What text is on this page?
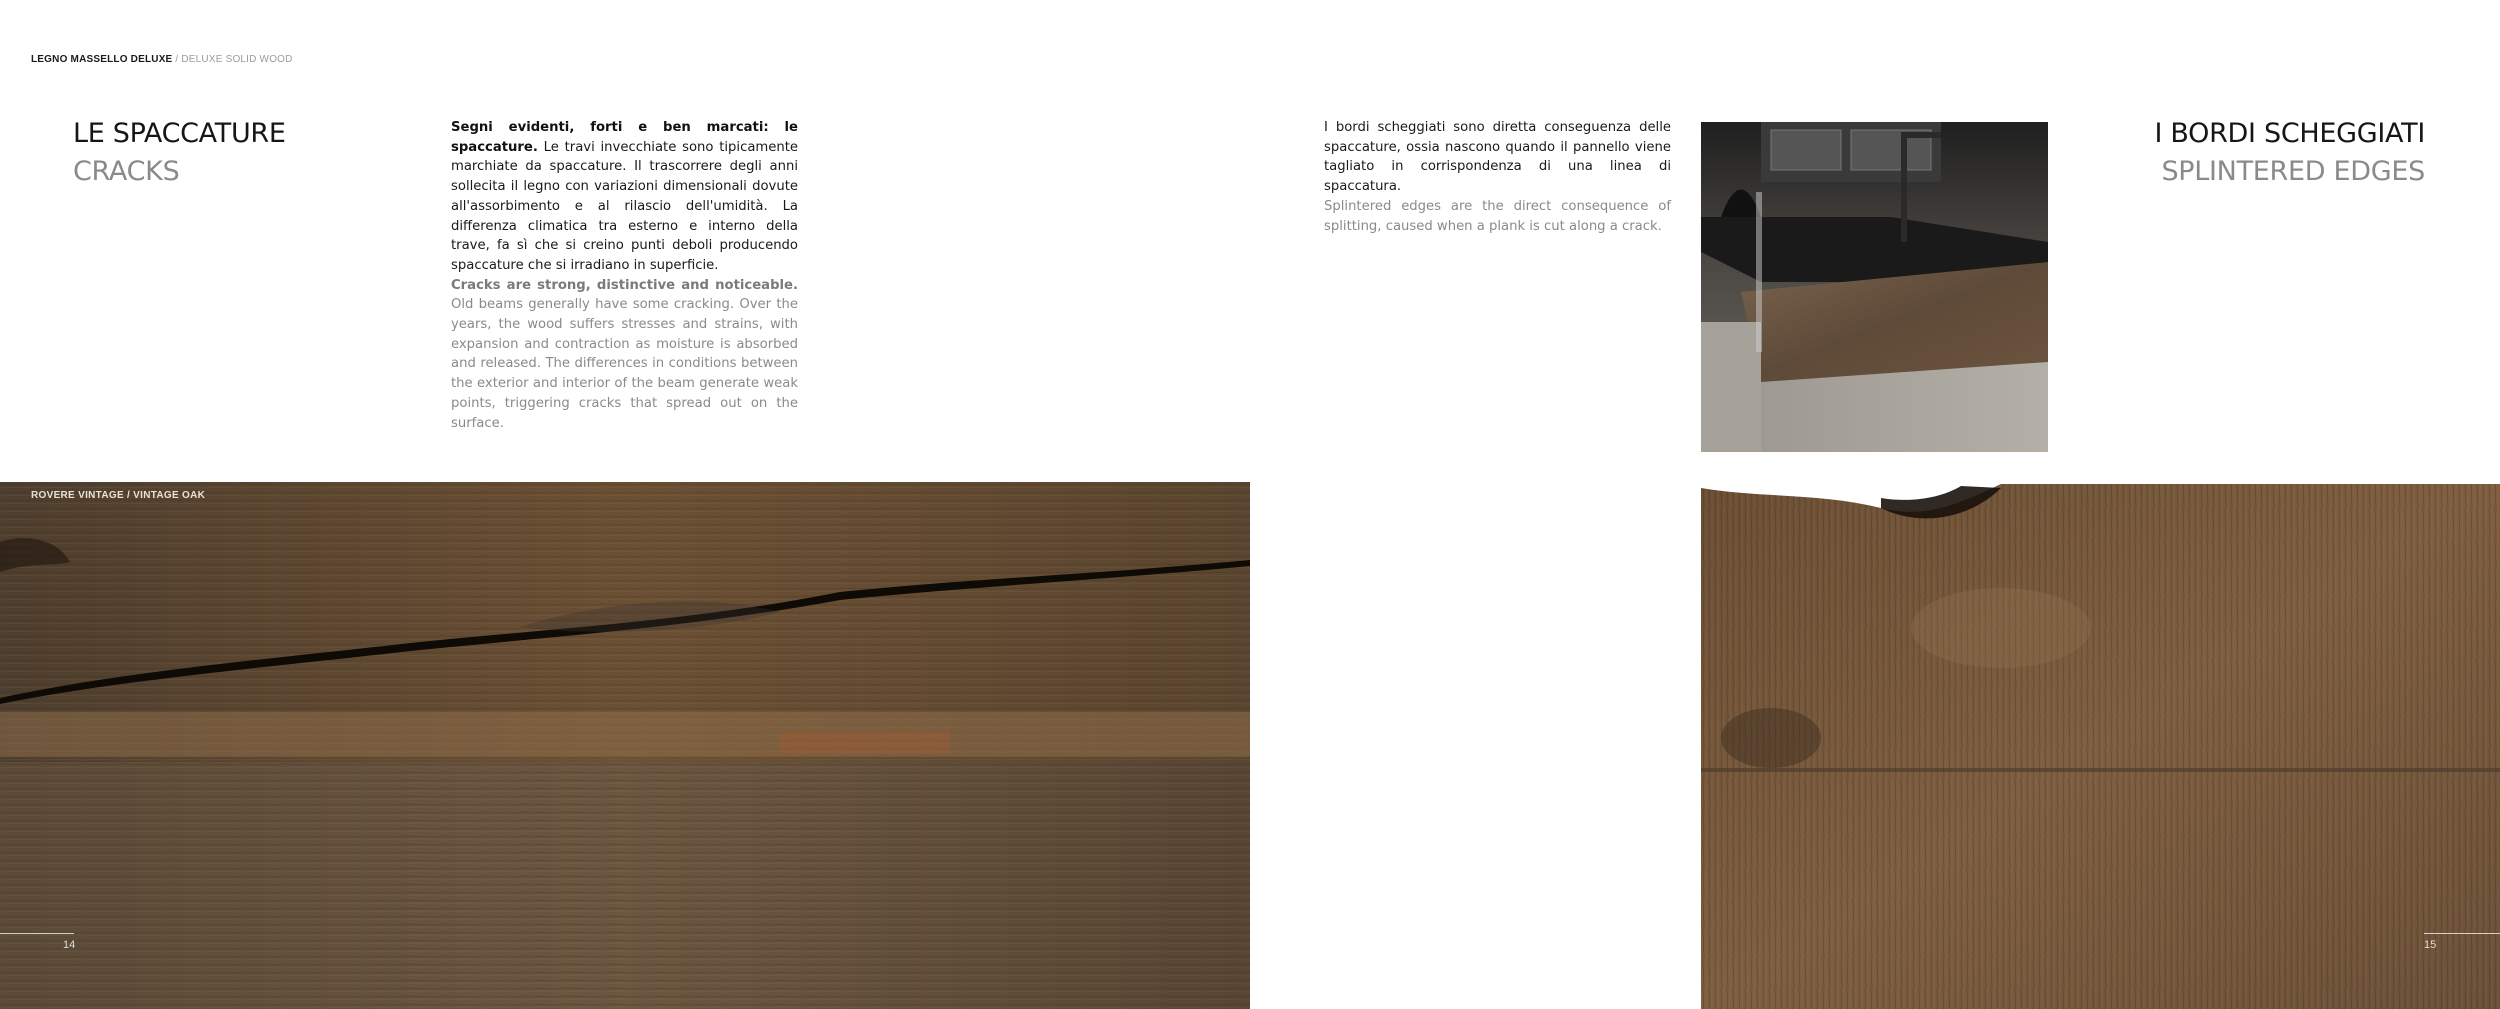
LEGNO MASSELLO DELUXE / DELUXE SOLID WOOD
LE SPACCATURE
CRACKS
Segni evidenti, forti e ben marcati: le spaccature. Le travi invecchiate sono tipicamente marchiate da spaccature. Il trascorrere degli anni sollecita il legno con variazioni dimensionali dovute all'assorbimento e al rilascio dell'umidità. La differenza climatica tra esterno e interno della trave, fa sì che si creino punti deboli producendo spaccature che si irradiano in superficie.
Cracks are strong, distinctive and noticeable. Old beams generally have some cracking. Over the years, the wood suffers stresses and strains, with expansion and contraction as moisture is absorbed and released. The differences in conditions between the exterior and interior of the beam generate weak points, triggering cracks that spread out on the surface.
I bordi scheggiati sono diretta conseguenza delle spaccature, ossia nascono quando il pannello viene tagliato in corrispondenza di una linea di spaccatura.
Splintered edges are the direct consequence of splitting, caused when a plank is cut along a crack.
I BORDI SCHEGGIATI
SPLINTERED EDGES
ROVERE VINTAGE / VINTAGE OAK
14	15
